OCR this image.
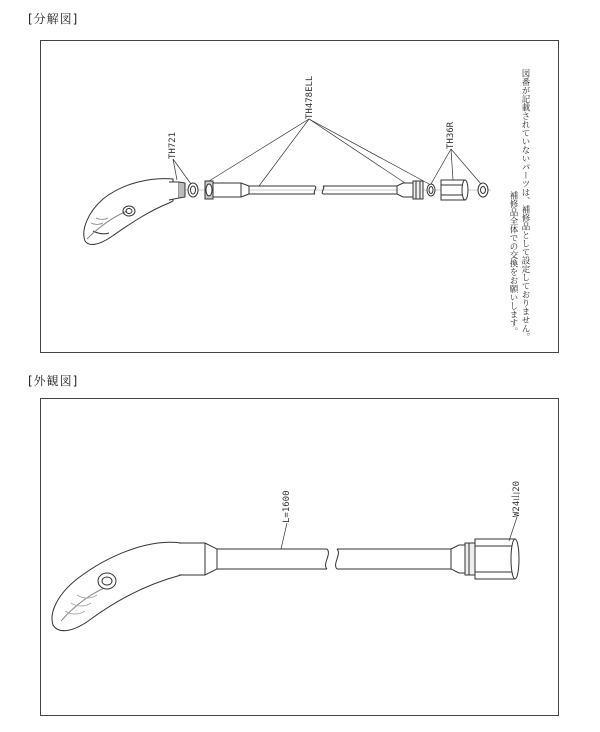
[分解図]
[外観図]
TH721
TH478ELL
TH36R	図番が記載されていないパーツは、補修品として設定しておりません。
補修品全体での交換をお願いします。
L=1600	W24山20
